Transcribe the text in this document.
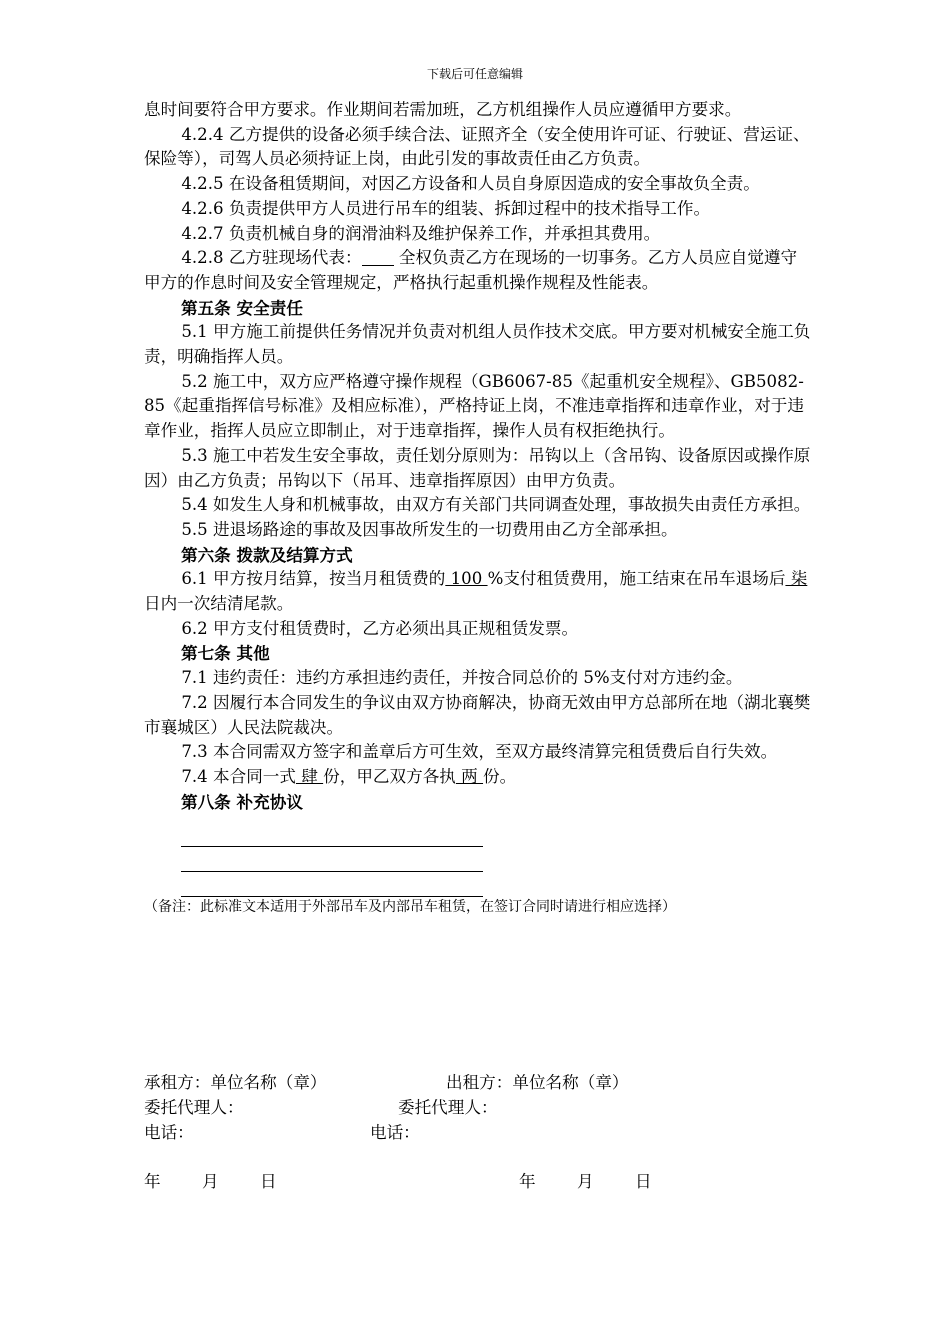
下载后可任意编辑

息时间要符合甲方要求。作业期间若需加班，乙方机组操作人员应遵循甲方要求。

4.2.4 乙方提供的设备必须手续合法、证照齐全（安全使用许可证、行驶证、营运证、保险等），司驾人员必须持证上岗，由此引发的事故责任由乙方负责。

4.2.5 在设备租赁期间，对因乙方设备和人员自身原因造成的安全事故负全责。

4.2.6 负责提供甲方人员进行吊车的组装、拆卸过程中的技术指导工作。

4.2.7 负责机械自身的润滑油料及维护保养工作，并承担其费用。

4.2.8 乙方驻现场代表： 全权负责乙方在现场的一切事务。乙方人员应自觉遵守甲方的作息时间及安全管理规定，严格执行起重机操作规程及性能表。

第五条 安全责任

5.1 甲方施工前提供任务情况并负责对机组人员作技术交底。甲方要对机械安全施工负责，明确指挥人员。

5.2 施工中，双方应严格遵守操作规程（GB6067-85《起重机安全规程》、GB5082-85《起重指挥信号标准》及相应标准），严格持证上岗，不准违章指挥和违章作业，对于违章作业，指挥人员应立即制止，对于违章指挥，操作人员有权拒绝执行。

5.3 施工中若发生安全事故，责任划分原则为：吊钩以上（含吊钩、设备原因或操作原因）由乙方负责；吊钩以下（吊耳、违章指挥原因）由甲方负责。

5.4 如发生人身和机械事故，由双方有关部门共同调查处理，事故损失由责任方承担。

5.5 进退场路途的事故及因事故所发生的一切费用由乙方全部承担。

第六条 拨款及结算方式

6.1 甲方按月结算，按当月租赁费的 100 %支付租赁费用，施工结束在吊车退场后 柒 日内一次结清尾款。

6.2 甲方支付租赁费时，乙方必须出具正规租赁发票。

第七条 其他

7.1 违约责任：违约方承担违约责任，并按合同总价的 5%支付对方违约金。

7.2 因履行本合同发生的争议由双方协商解决，协商无效由甲方总部所在地（湖北襄樊市襄城区）人民法院裁决。

7.3 本合同需双方签字和盖章后方可生效，至双方最终清算完租赁费后自行失效。

7.4 本合同一式 肆 份，甲乙双方各执 两 份。

第八条 补充协议

（备注：此标准文本适用于外部吊车及内部吊车租赁，在签订合同时请进行相应选择）

承租方：单位名称（章）	出租方：单位名称（章）
委托代理人：	委托代理人：
电话：	电话：
年 月 日	年 月 日
